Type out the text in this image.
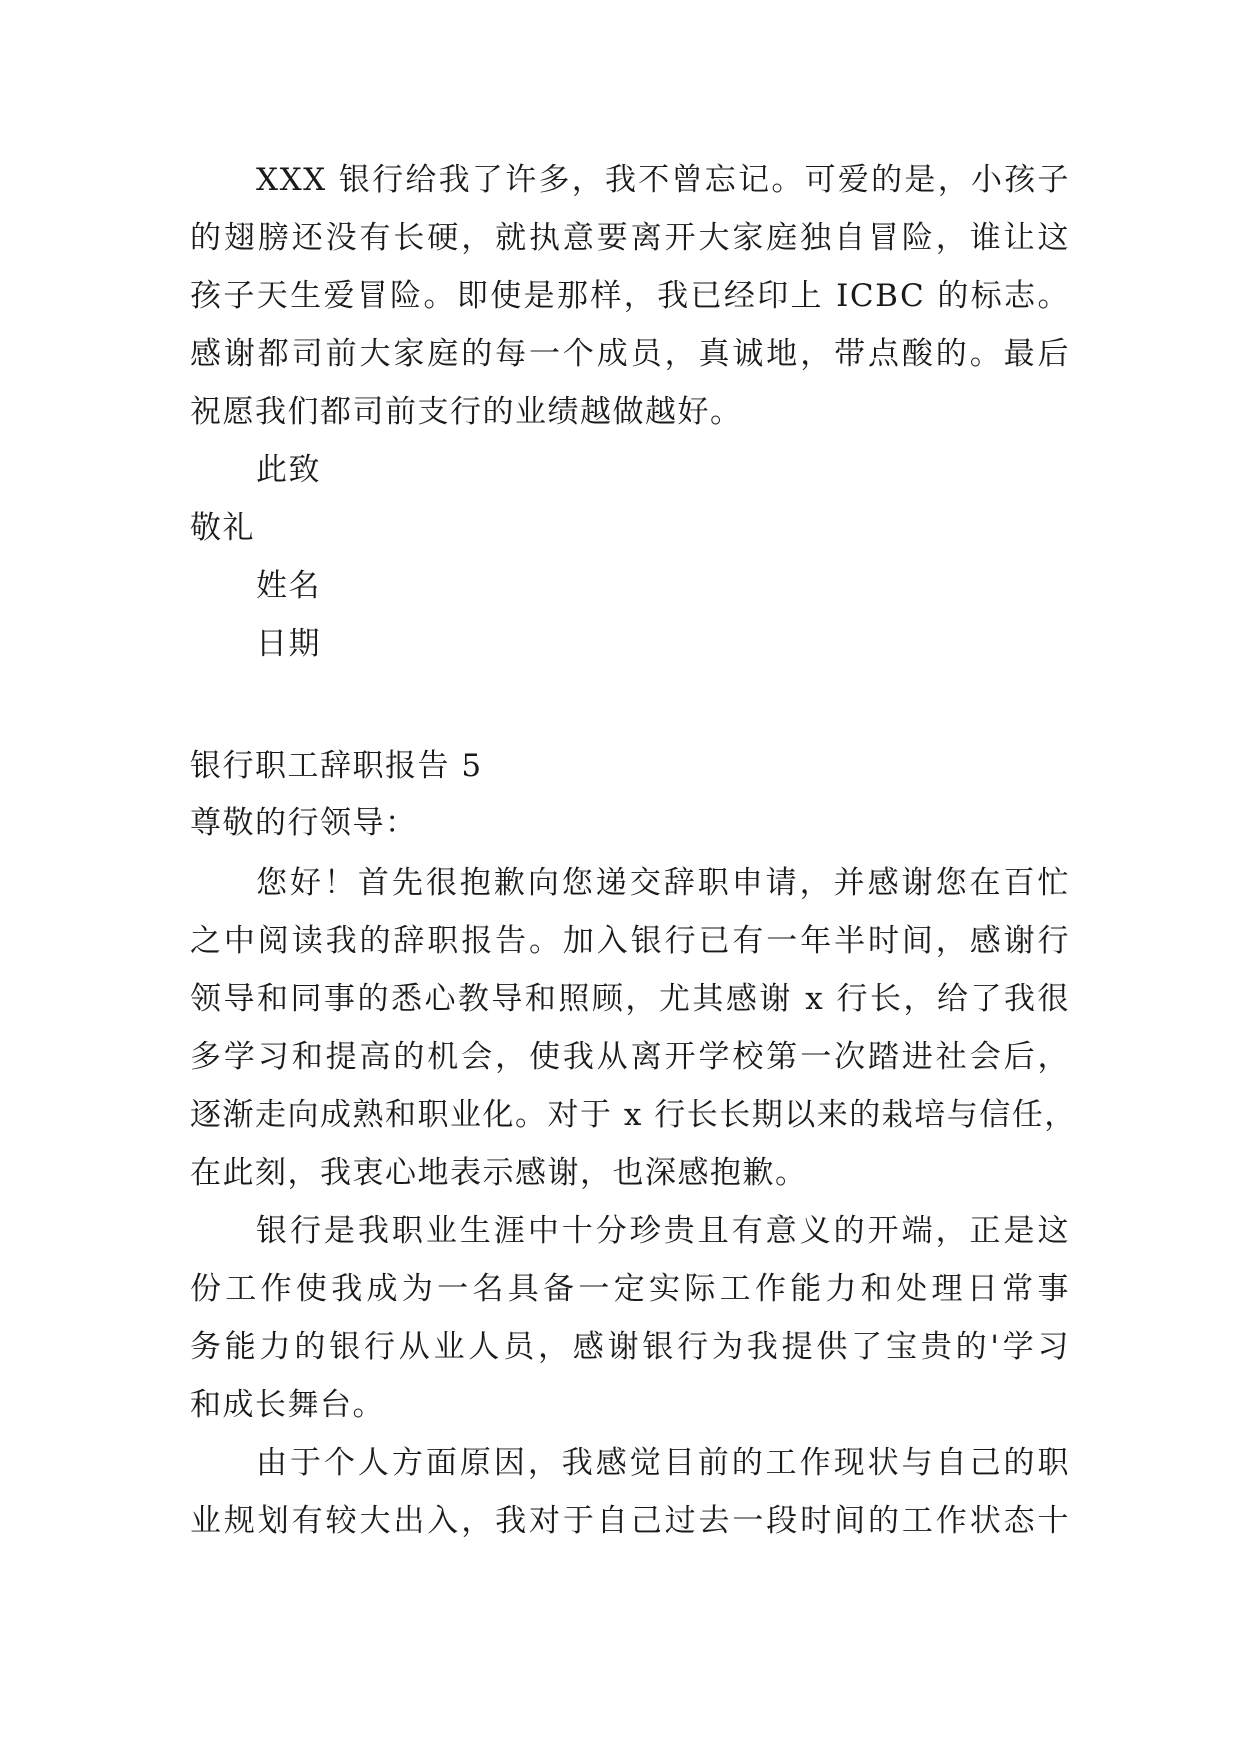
XXX 银行给我了许多，我不曾忘记。可爱的是，小孩子
的翅膀还没有长硬，就执意要离开大家庭独自冒险，谁让这
孩子天生爱冒险。即使是那样，我已经印上 ICBC 的标志。
感谢都司前大家庭的每一个成员，真诚地，带点酸的。最后
祝愿我们都司前支行的业绩越做越好。
此致
敬礼
姓名
日期
银行职工辞职报告 5
尊敬的行领导：
您好！首先很抱歉向您递交辞职申请，并感谢您在百忙
之中阅读我的辞职报告。加入银行已有一年半时间，感谢行
领导和同事的悉心教导和照顾，尤其感谢 x 行长，给了我很
多学习和提高的机会，使我从离开学校第一次踏进社会后，
逐渐走向成熟和职业化。对于 x 行长长期以来的栽培与信任，
在此刻，我衷心地表示感谢，也深感抱歉。
银行是我职业生涯中十分珍贵且有意义的开端，正是这
份工作使我成为一名具备一定实际工作能力和处理日常事
务能力的银行从业人员，感谢银行为我提供了宝贵的'学习
和成长舞台。
由于个人方面原因，我感觉目前的工作现状与自己的职
业规划有较大出入，我对于自己过去一段时间的工作状态十
